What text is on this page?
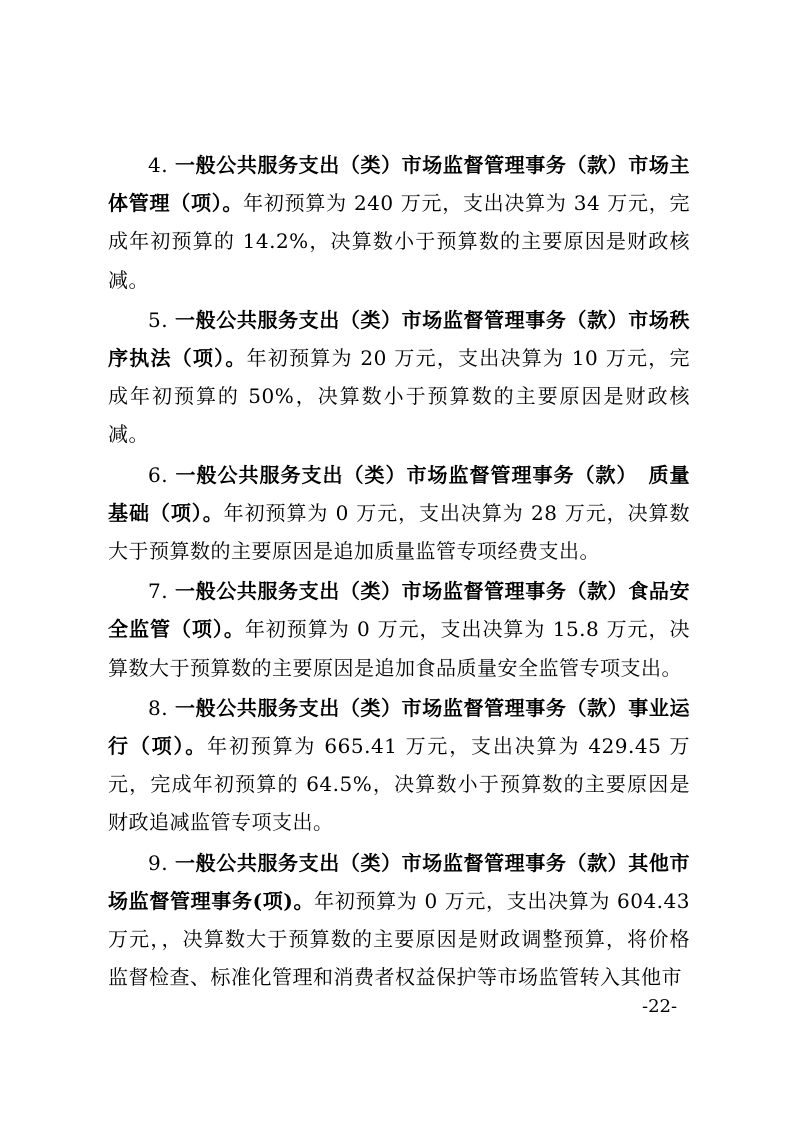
4. 一般公共服务支出（类）市场监督管理事务（款）市场主体管理（项）。年初预算为 240 万元，支出决算为 34 万元，完成年初预算的 14.2%，决算数小于预算数的主要原因是财政核减。

5. 一般公共服务支出（类）市场监督管理事务（款）市场秩序执法（项）。年初预算为 20 万元，支出决算为 10 万元，完成年初预算的 50%，决算数小于预算数的主要原因是财政核减。

6. 一般公共服务支出（类）市场监督管理事务（款）　质量基础（项）。年初预算为 0 万元，支出决算为 28 万元，决算数大于预算数的主要原因是追加质量监管专项经费支出。

7. 一般公共服务支出（类）市场监督管理事务（款）食品安全监管（项）。年初预算为 0 万元，支出决算为 15.8 万元，决算数大于预算数的主要原因是追加食品质量安全监管专项支出。

8. 一般公共服务支出（类）市场监督管理事务（款）事业运行（项）。年初预算为 665.41 万元，支出决算为 429.45 万元，完成年初预算的 64.5%，决算数小于预算数的主要原因是财政追减监管专项支出。

9. 一般公共服务支出（类）市场监督管理事务（款）其他市场监督管理事务(项)。年初预算为 0 万元，支出决算为 604.43 万元，，决算数大于预算数的主要原因是财政调整预算，将价格监督检查、标准化管理和消费者权益保护等市场监管转入其他市

-22-
